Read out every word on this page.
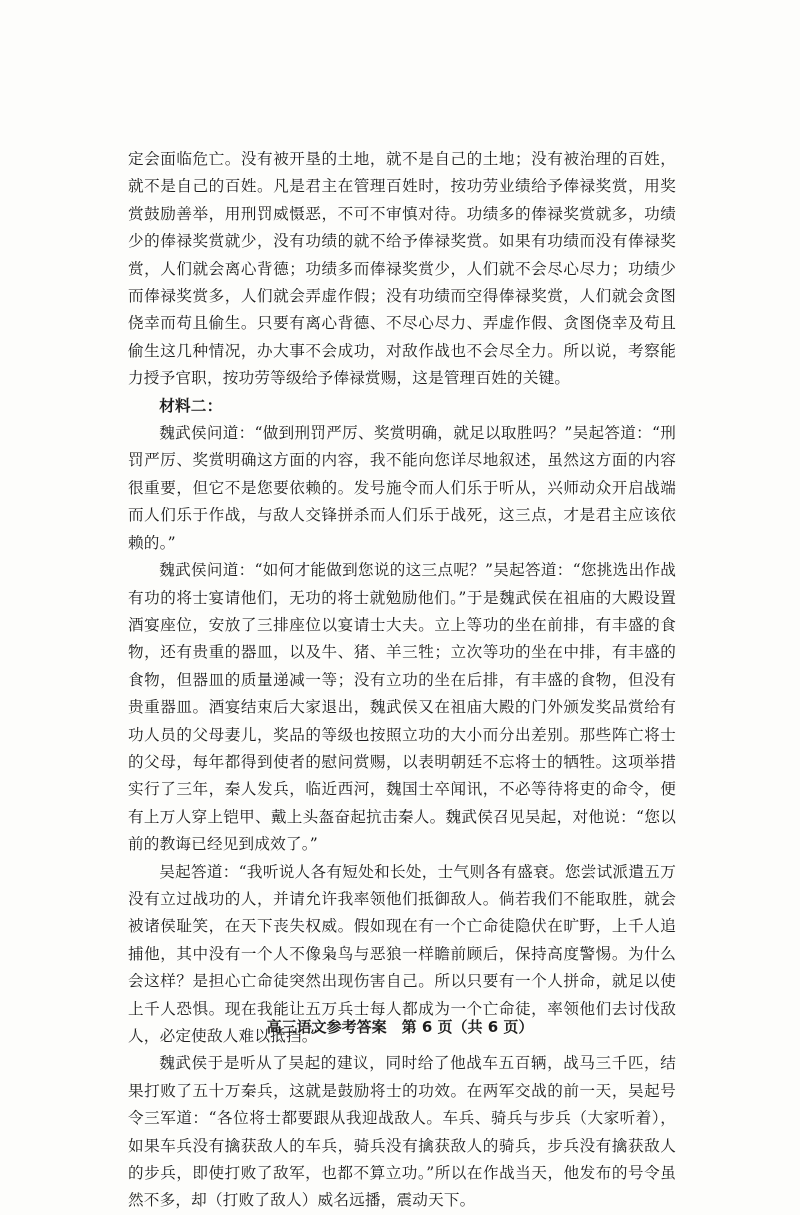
定会面临危亡。没有被开垦的土地，就不是自己的土地；没有被治理的百姓，就不是自己的百姓。凡是君主在管理百姓时，按功劳业绩给予俸禄奖赏，用奖赏鼓励善举，用刑罚威慑恶，不可不审慎对待。功绩多的俸禄奖赏就多，功绩少的俸禄奖赏就少，没有功绩的就不给予俸禄奖赏。如果有功绩而没有俸禄奖赏，人们就会离心背德；功绩多而俸禄奖赏少，人们就不会尽心尽力；功绩少而俸禄奖赏多，人们就会弄虚作假；没有功绩而空得俸禄奖赏，人们就会贪图侥幸而苟且偷生。只要有离心背德、不尽心尽力、弄虚作假、贪图侥幸及苟且偷生这几种情况，办大事不会成功，对敌作战也不会尽全力。所以说，考察能力授予官职，按功劳等级给予俸禄赏赐，这是管理百姓的关键。

材料二：

魏武侯问道：“做到刑罚严厉、奖赏明确，就足以取胜吗？”吴起答道：“刑罚严厉、奖赏明确这方面的内容，我不能向您详尽地叙述，虽然这方面的内容很重要，但它不是您要依赖的。发号施令而人们乐于听从，兴师动众开启战端而人们乐于作战，与敌人交锋拼杀而人们乐于战死，这三点，才是君主应该依赖的。”

魏武侯问道：“如何才能做到您说的这三点呢？”吴起答道：“您挑选出作战有功的将士宴请他们，无功的将士就勉励他们。”于是魏武侯在祖庙的大殿设置酒宴座位，安放了三排座位以宴请士大夫。立上等功的坐在前排，有丰盛的食物，还有贵重的器皿，以及牛、猪、羊三牲；立次等功的坐在中排，有丰盛的食物，但器皿的质量递减一等；没有立功的坐在后排，有丰盛的食物，但没有贵重器皿。酒宴结束后大家退出，魏武侯又在祖庙大殿的门外颁发奖品赏给有功人员的父母妻儿，奖品的等级也按照立功的大小而分出差别。那些阵亡将士的父母，每年都得到使者的慰问赏赐，以表明朝廷不忘将士的牺牲。这项举措实行了三年，秦人发兵，临近西河，魏国士卒闻讯，不必等待将吏的命令，便有上万人穿上铠甲、戴上头盔奋起抗击秦人。魏武侯召见吴起，对他说：“您以前的教诲已经见到成效了。”

吴起答道：“我听说人各有短处和长处，士气则各有盛衰。您尝试派遣五万没有立过战功的人，并请允许我率领他们抵御敌人。倘若我们不能取胜，就会被诸侯耻笑，在天下丧失权威。假如现在有一个亡命徒隐伏在旷野，上千人追捕他，其中没有一个人不像枭鸟与恶狼一样瞻前顾后，保持高度警惕。为什么会这样？是担心亡命徒突然出现伤害自己。所以只要有一个人拼命，就足以使上千人恐惧。现在我能让五万兵士每人都成为一个亡命徒，率领他们去讨伐敌人，必定使敌人难以抵挡。”

魏武侯于是听从了吴起的建议，同时给了他战车五百辆，战马三千匹，结果打败了五十万秦兵，这就是鼓励将士的功效。在两军交战的前一天，吴起号令三军道：“各位将士都要跟从我迎战敌人。车兵、骑兵与步兵（大家听着），如果车兵没有擒获敌人的车兵，骑兵没有擒获敌人的骑兵，步兵没有擒获敌人的步兵，即使打败了敌军，也都不算立功。”所以在作战当天，他发布的号令虽然不多，却（打败了敌人）威名远播，震动天下。

高三语文参考答案　第 6 页（共 6 页）
